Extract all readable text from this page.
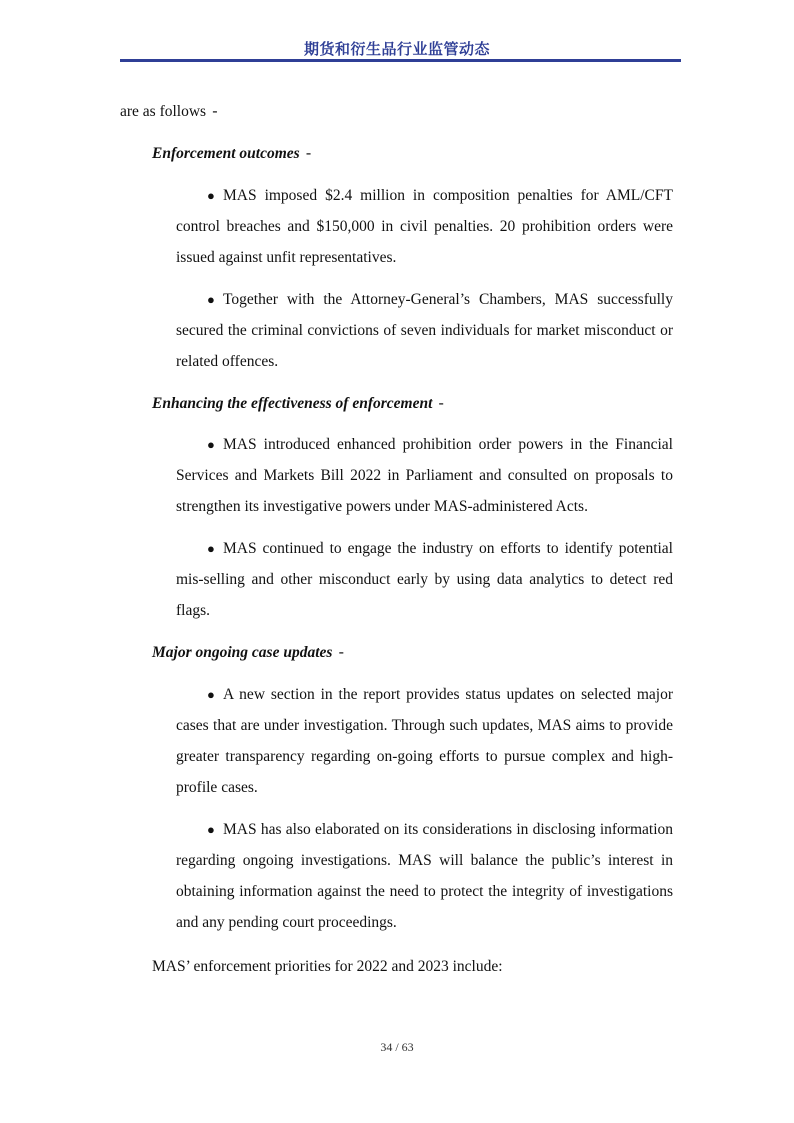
期货和衍生品行业监管动态
are as follows -
Enforcement outcomes -
● MAS imposed $2.4 million in composition penalties for AML/CFT control breaches and $150,000 in civil penalties. 20 prohibition orders were issued against unfit representatives.
● Together with the Attorney-General’s Chambers, MAS successfully secured the criminal convictions of seven individuals for market misconduct or related offences.
Enhancing the effectiveness of enforcement -
● MAS introduced enhanced prohibition order powers in the Financial Services and Markets Bill 2022 in Parliament and consulted on proposals to strengthen its investigative powers under MAS-administered Acts.
● MAS continued to engage the industry on efforts to identify potential mis-selling and other misconduct early by using data analytics to detect red flags.
Major ongoing case updates -
● A new section in the report provides status updates on selected major cases that are under investigation. Through such updates, MAS aims to provide greater transparency regarding on-going efforts to pursue complex and high-profile cases.
● MAS has also elaborated on its considerations in disclosing information regarding ongoing investigations. MAS will balance the public’s interest in obtaining information against the need to protect the integrity of investigations and any pending court proceedings.
MAS’ enforcement priorities for 2022 and 2023 include:
34 / 63
